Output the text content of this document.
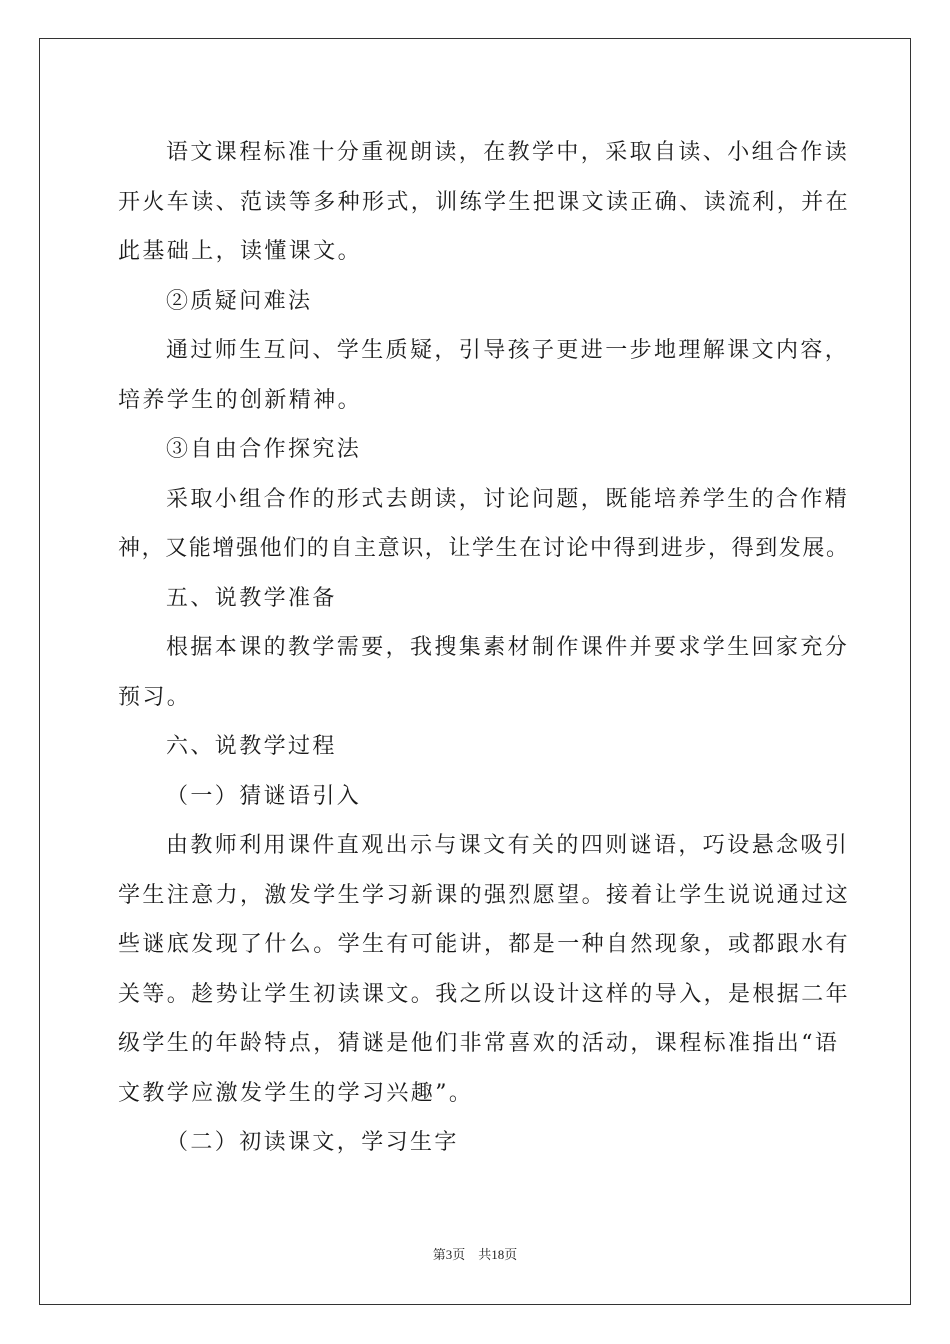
语文课程标准十分重视朗读，在教学中，采取自读、小组合作读
开火车读、范读等多种形式，训练学生把课文读正确、读流利，并在
此基础上，读懂课文。
②质疑问难法
通过师生互问、学生质疑，引导孩子更进一步地理解课文内容，
培养学生的创新精神。
③自由合作探究法
采取小组合作的形式去朗读，讨论问题，既能培养学生的合作精
神，又能增强他们的自主意识，让学生在讨论中得到进步，得到发展。
五、说教学准备
根据本课的教学需要，我搜集素材制作课件并要求学生回家充分
预习。
六、说教学过程
（一）猜谜语引入
由教师利用课件直观出示与课文有关的四则谜语，巧设悬念吸引
学生注意力，激发学生学习新课的强烈愿望。接着让学生说说通过这
些谜底发现了什么。学生有可能讲，都是一种自然现象，或都跟水有
关等。趁势让学生初读课文。我之所以设计这样的导入，是根据二年
级学生的年龄特点，猜谜是他们非常喜欢的活动，课程标准指出“语
文教学应激发学生的学习兴趣”。
（二）初读课文，学习生字
第3页 共18页
